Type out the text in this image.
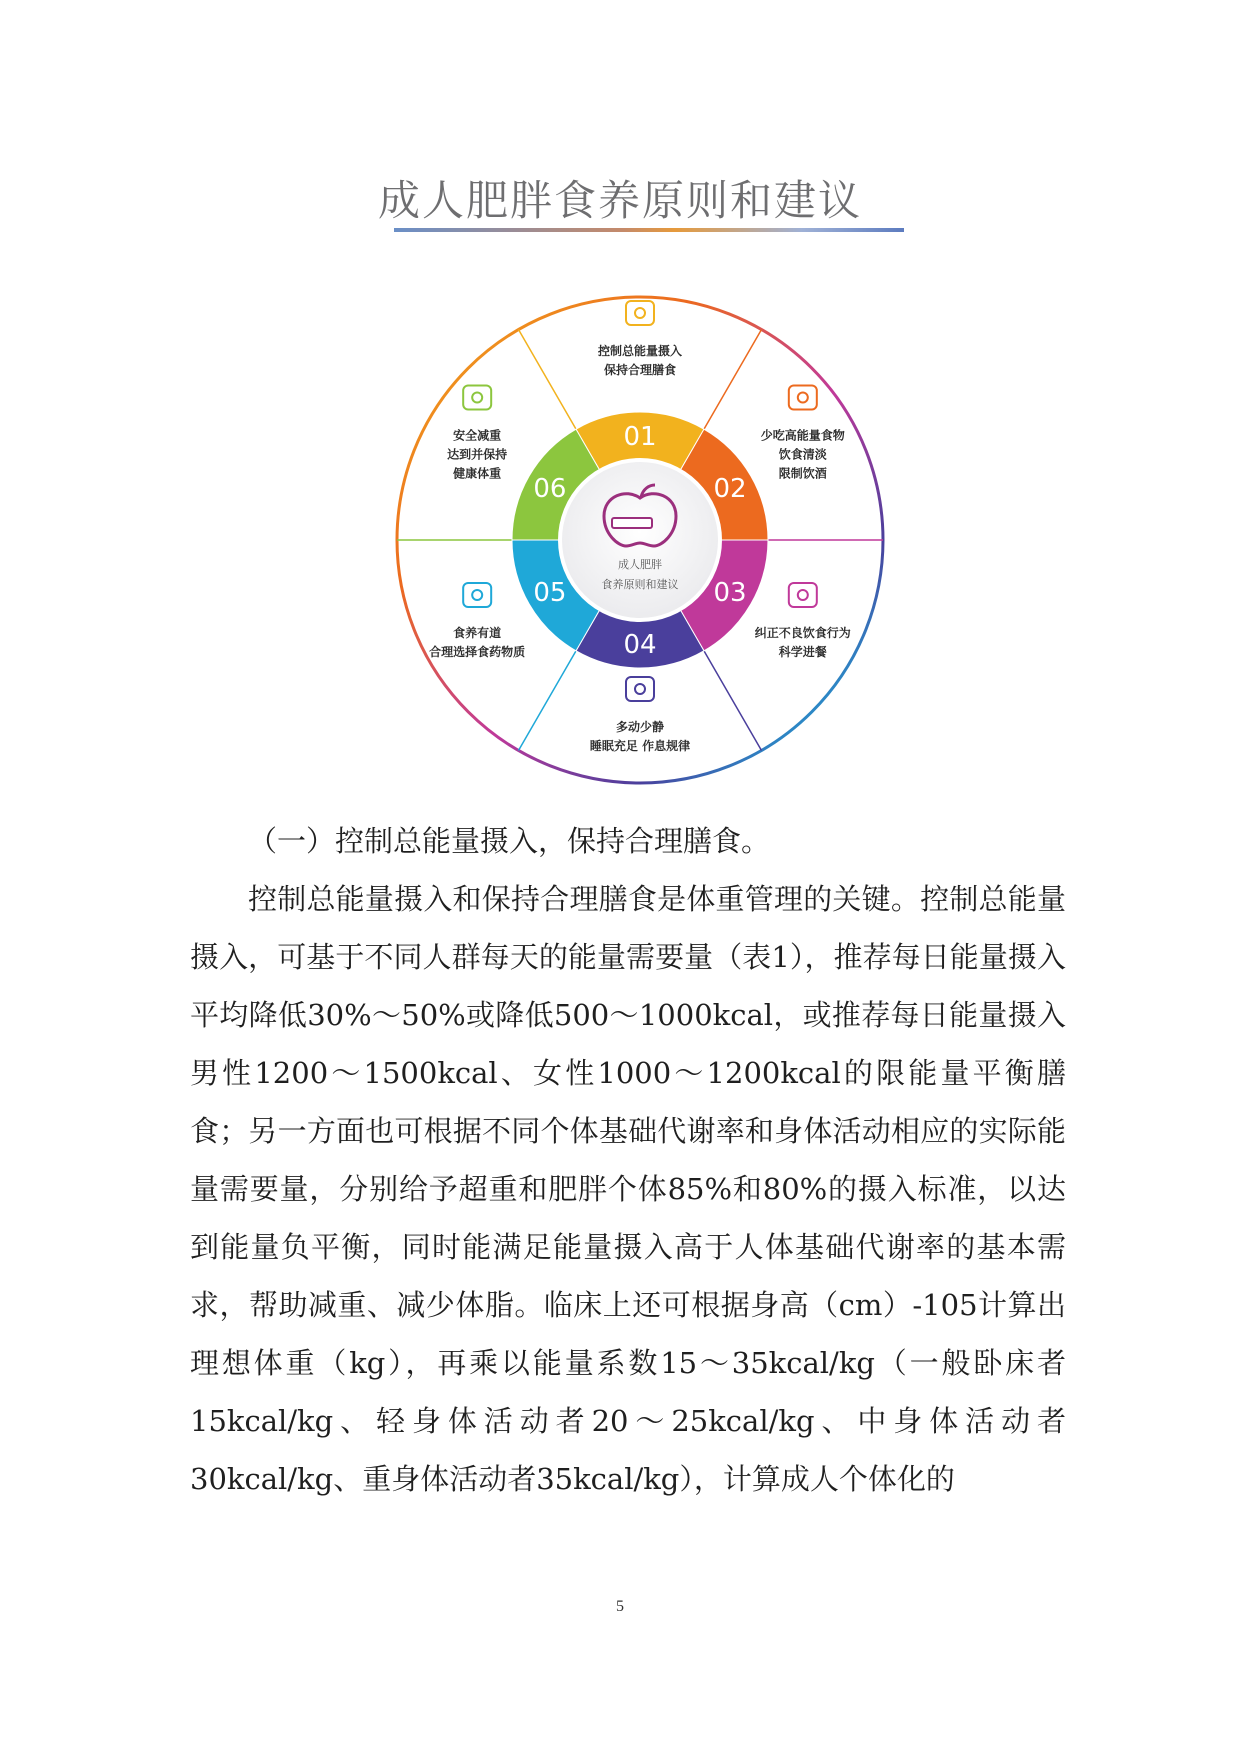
成人肥胖食养原则和建议
01
02
03
04
05
06
成人肥胖
食养原则和建议
控制总能量摄入
保持合理膳食
少吃高能量食物
饮食清淡
限制饮酒
纠正不良饮食行为
科学进餐
多动少静
睡眠充足 作息规律
食养有道
合理选择食药物质
安全减重
达到并保持
健康体重
（一）控制总能量摄入，保持合理膳食。

控制总能量摄入和保持合理膳食是体重管理的关键。控制总能量摄入，可基于不同人群每天的能量需要量（表1），推荐每日能量摄入平均降低30%～50%或降低500～1000kcal，或推荐每日能量摄入男性1200～1500kcal、女性1000～1200kcal的限能量平衡膳食；另一方面也可根据不同个体基础代谢率和身体活动相应的实际能量需要量，分别给予超重和肥胖个体85%和80%的摄入标准，以达到能量负平衡，同时能满足能量摄入高于人体基础代谢率的基本需求，帮助减重、减少体脂。临床上还可根据身高（cm）-105计算出理想体重（kg），再乘以能量系数15～35kcal/kg（一般卧床者15kcal/kg、轻身体活动者20～25kcal/kg、中身体活动者30kcal/kg、重身体活动者35kcal/kg），计算成人个体化的

5
